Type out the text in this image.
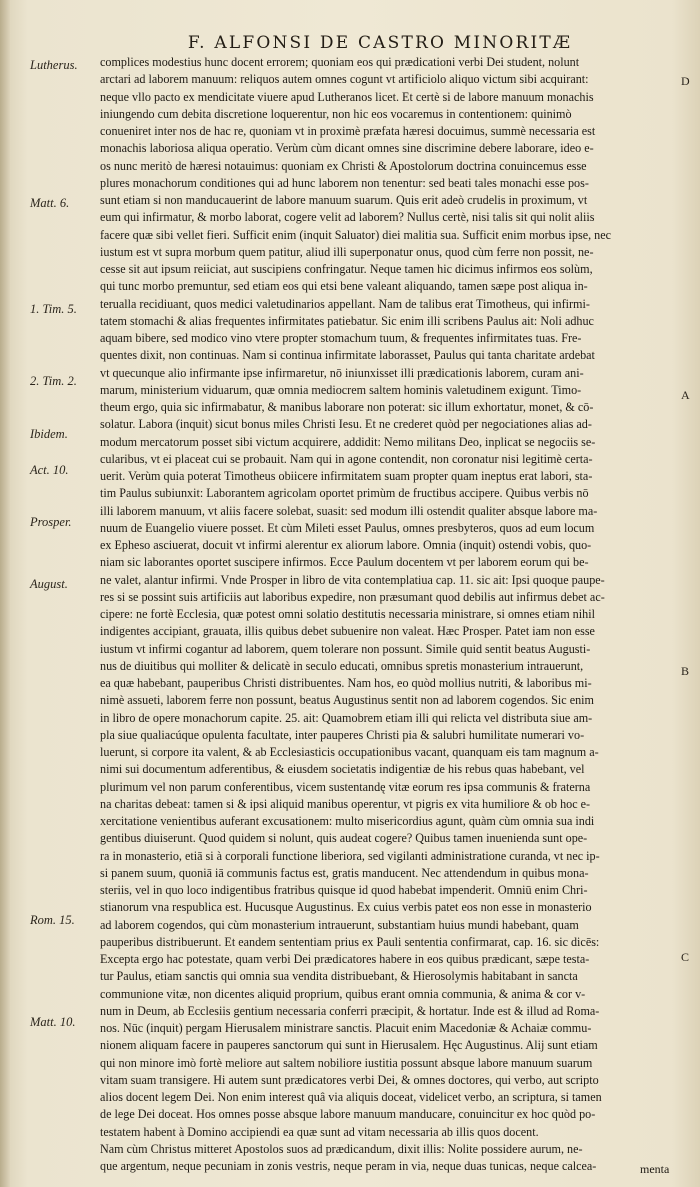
F. ALFONSI DE CASTRO MINORITÆ
complices modestius hunc docent errorem; quoniam eos qui prædicationi verbi Dei student, nolunt
arctari ad laborem manuum: reliquos autem omnes cogunt vt artificiolo aliquo victum sibi acquirant:
neque vllo pacto ex mendicitate viuere apud Lutheranos licet. Et certè si de labore manuum monachis
iniungendo cum debita discretione loquerentur, non hic eos vocaremus in contentionem: quinimò
conueniret inter nos de hac re, quoniam vt in proximè præfata hæresi docuimus, summè necessaria est
monachis laboriosa aliqua operatio. Verùm cùm dicant omnes sine discrimine debere laborare, ideo e-
os nunc meritò de hæresi notauimus: quoniam ex Christi & Apostolorum doctrina conuincemus esse
plures monachorum conditiones qui ad hunc laborem non tenentur: sed beati tales monachi esse pos-
sunt etiam si non manducauerint de labore manuum suarum. Quis erit adeò crudelis in proximum, vt
eum qui infirmatur, & morbo laborat, cogere velit ad laborem? Nullus certè, nisi talis sit qui nolit aliis
facere quæ sibi vellet fieri. Sufficit enim (inquit Saluator) diei malitia sua. Sufficit enim morbus ipse, nec
iustum est vt supra morbum quem patitur, aliud illi superponatur onus, quod cùm ferre non possit, ne-
cesse sit aut ipsum reiiciat, aut suscipiens confringatur. Neque tamen hic dicimus infirmos eos solùm,
qui tunc morbo premuntur, sed etiam eos qui etsi bene valeant aliquando, tamen sæpe post aliqua in-
terualla recidiuant, quos medici valetudinarios appellant. Nam de talibus erat Timotheus, qui infirmi-
tatem stomachi & alias frequentes infirmitates patiebatur. Sic enim illi scribens Paulus ait: Noli adhuc
aquam bibere, sed modico vino vtere propter stomachum tuum, & frequentes infirmitates tuas. Fre-
quentes dixit, non continuas. Nam si continua infirmitate laborasset, Paulus qui tanta charitate ardebat
vt quecunque alio infirmante ipse infirmaretur, nō iniunxisset illi prædicationis laborem, curam ani-
marum, ministerium viduarum, quæ omnia mediocrem saltem hominis valetudinem exigunt. Timo-
theum ergo, quia sic infirmabatur, & manibus laborare non poterat: sic illum exhortatur, monet, & cō-
solatur. Labora (inquit) sicut bonus miles Christi Iesu. Et ne crederet quòd per negociationes alias ad-
modum mercatorum posset sibi victum acquirere, addidit: Nemo militans Deo, inplicat se negociis se-
cularibus, vt ei placeat cui se probauit. Nam qui in agone contendit, non coronatur nisi legitimè certa-
uerit. Verùm quia poterat Timotheus obiicere infirmitatem suam propter quam ineptus erat labori, sta-
tim Paulus subiunxit: Laborantem agricolam oportet primùm de fructibus accipere. Quibus verbis nō
illi laborem manuum, vt aliis facere solebat, suasit: sed modum illi ostendit qualiter absque labore ma-
nuum de Euangelio viuere posset. Et cùm Mileti esset Paulus, omnes presbyteros, quos ad eum locum
ex Epheso asciuerat, docuit vt infirmi alerentur ex aliorum labore. Omnia (inquit) ostendi vobis, quo-
niam sic laborantes oportet suscipere infirmos. Ecce Paulum docentem vt per laborem eorum qui be-
ne valet, alantur infirmi. Vnde Prosper in libro de vita contemplatiua cap. 11. sic ait: Ipsi quoque paupe-
res si se possint suis artificiis aut laboribus expedire, non præsumant quod debilis aut infirmus debet ac-
cipere: ne fortè Ecclesia, quæ potest omni solatio destitutis necessaria ministrare, si omnes etiam nihil
indigentes accipiant, grauata, illis quibus debet subuenire non valeat. Hæc Prosper. Patet iam non esse
iustum vt infirmi cogantur ad laborem, quem tolerare non possunt. Simile quid sentit beatus Augusti-
nus de diuitibus qui molliter & delicatè in seculo educati, omnibus spretis monasterium intrauerunt,
ea quæ habebant, pauperibus Christi distribuentes. Nam hos, eo quòd mollius nutriti, & laboribus mi-
nimè assueti, laborem ferre non possunt, beatus Augustinus sentit non ad laborem cogendos. Sic enim
in libro de opere monachorum capite. 25. ait: Quamobrem etiam illi qui relicta vel distributa siue am-
pla siue qualiacúque opulenta facultate, inter pauperes Christi pia & salubri humilitate numerari vo-
luerunt, si corpore ita valent, & ab Ecclesiasticis occupationibus vacant, quanquam eis tam magnum a-
nimi sui documentum adferentibus, & eiusdem societatis indigentiæ de his rebus quas habebant, vel
plurimum vel non parum conferentibus, vicem sustentandę vitæ eorum res ipsa communis & fraterna
na charitas debeat: tamen si & ipsi aliquid manibus operentur, vt pigris ex vita humiliore & ob hoc e-
xercitatione venientibus auferant excusationem: multo misericordius agunt, quàm cùm omnia sua indi
gentibus diuiserunt. Quod quidem si nolunt, quis audeat cogere? Quibus tamen inueniendа sunt ope-
ra in monasterio, etiā si à corporali functione liberiora, sed vigilanti administratione curanda, vt nec ip-
si panem suum, quoniā iā communis factus est, gratis manducent. Nec attendendum in quibus mona-
steriis, vel in quo loco indigentibus fratribus quisque id quod habebat impenderit. Omniū enim Chri-
stianorum vna respublica est. Hucusque Augustinus. Ex cuius verbis patet eos non esse in monasterio
ad laborem cogendos, qui cùm monasterium intrauerunt, substantiam huius mundi habebant, quam
pauperibus distribuerunt. Et eandem sententiam prius ex Pauli sententia confirmarat, cap. 16. sic dicēs:
Excepta ergo hac potestate, quam verbi Dei prædicatores habere in eos quibus prædicant, sæpe testa-
tur Paulus, etiam sanctis qui omnia sua vendita distribuebant, & Hierosolymis habitabant in sancta
communione vitæ, non dicentes aliquid proprium, quibus erant omnia communia, & anima & cor v-
num in Deum, ab Ecclesiis gentium necessaria conferri præcipit, & hortatur. Inde est & illud ad Roma-
nos. Nūc (inquit) pergam Hierusalem ministrare sanctis. Placuit enim Macedoniæ & Achaiæ commu-
nionem aliquam facere in pauperes sanctorum qui sunt in Hierusalem. Hęc Augustinus. Alij sunt etiam
qui non minore imò fortè meliore aut saltem nobiliore iustitia possunt absque labore manuum suarum
vitam suam transigere. Hi autem sunt prædicatores verbi Dei, & omnes doctores, qui verbo, aut scripto
alios docent legem Dei. Non enim interest quâ via aliquis doceat, videlicet verbo, an scriptura, si tamen
de lege Dei doceat. Hos omnes posse absque labore manuum manducare, conuincitur ex hoc quòd po-
testatem habent à Domino accipiendi ea quæ sunt ad vitam necessaria ab illis quos docent.
Nam cùm Christus mitteret Apostolos suos ad prædicandum, dixit illis: Nolite possidere aurum, ne-
que argentum, neque pecuniam in zonis vestris, neque peram in via, neque duas tunicas, neque calcea-
Lutherus.
Matt. 6.
1. Tim. 5.
2. Tim. 2.
Ibidem.
Act. 10.
Prosper.
August.
Rom. 15.
Matt. 10.
D
A
B
C
menta
